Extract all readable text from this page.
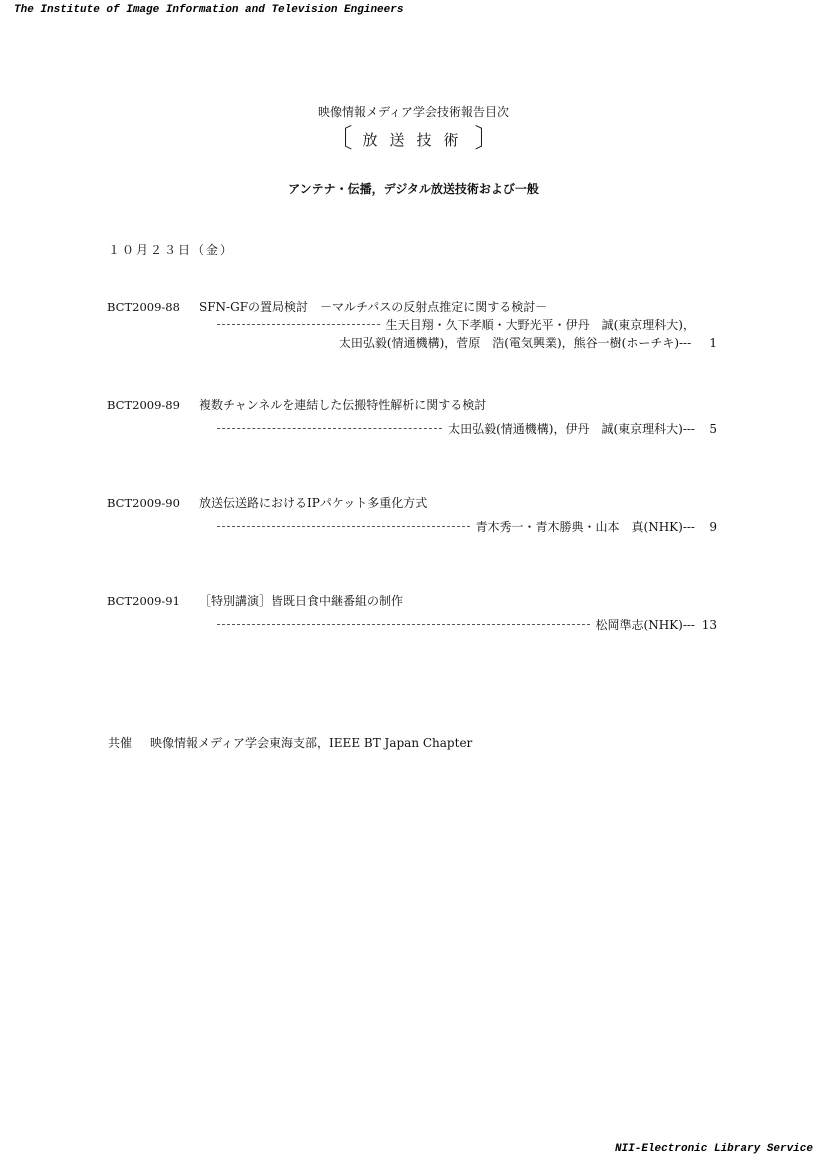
The Institute of Image Information and Television Engineers
映像情報メディア学会技術報告目次
〔 放送技術 〕
アンテナ・伝播，デジタル放送技術および一般
１０月２３日（金）
BCT2009-88 SFN-GFの置局検討　－マルチパスの反射点推定に関する検討－
生天目翔・久下孝順・大野光平・伊丹　誠(東京理科大)，
太田弘毅(情通機構)，菅原　浩(電気興業)，熊谷一樹(ホーチキ)--- 1
BCT2009-89 複数チャンネルを連結した伝搬特性解析に関する検討
太田弘毅(情通機構)，伊丹　誠(東京理科大)---	5
BCT2009-90 放送伝送路におけるIPパケット多重化方式
青木秀一・青木勝典・山本　真(NHK)---	9
BCT2009-91 ［特別講演］皆既日食中継番組の制作
松岡準志(NHK)--- 13
共催 映像情報メディア学会東海支部，IEEE BT Japan Chapter
NII-Electronic Library Service
